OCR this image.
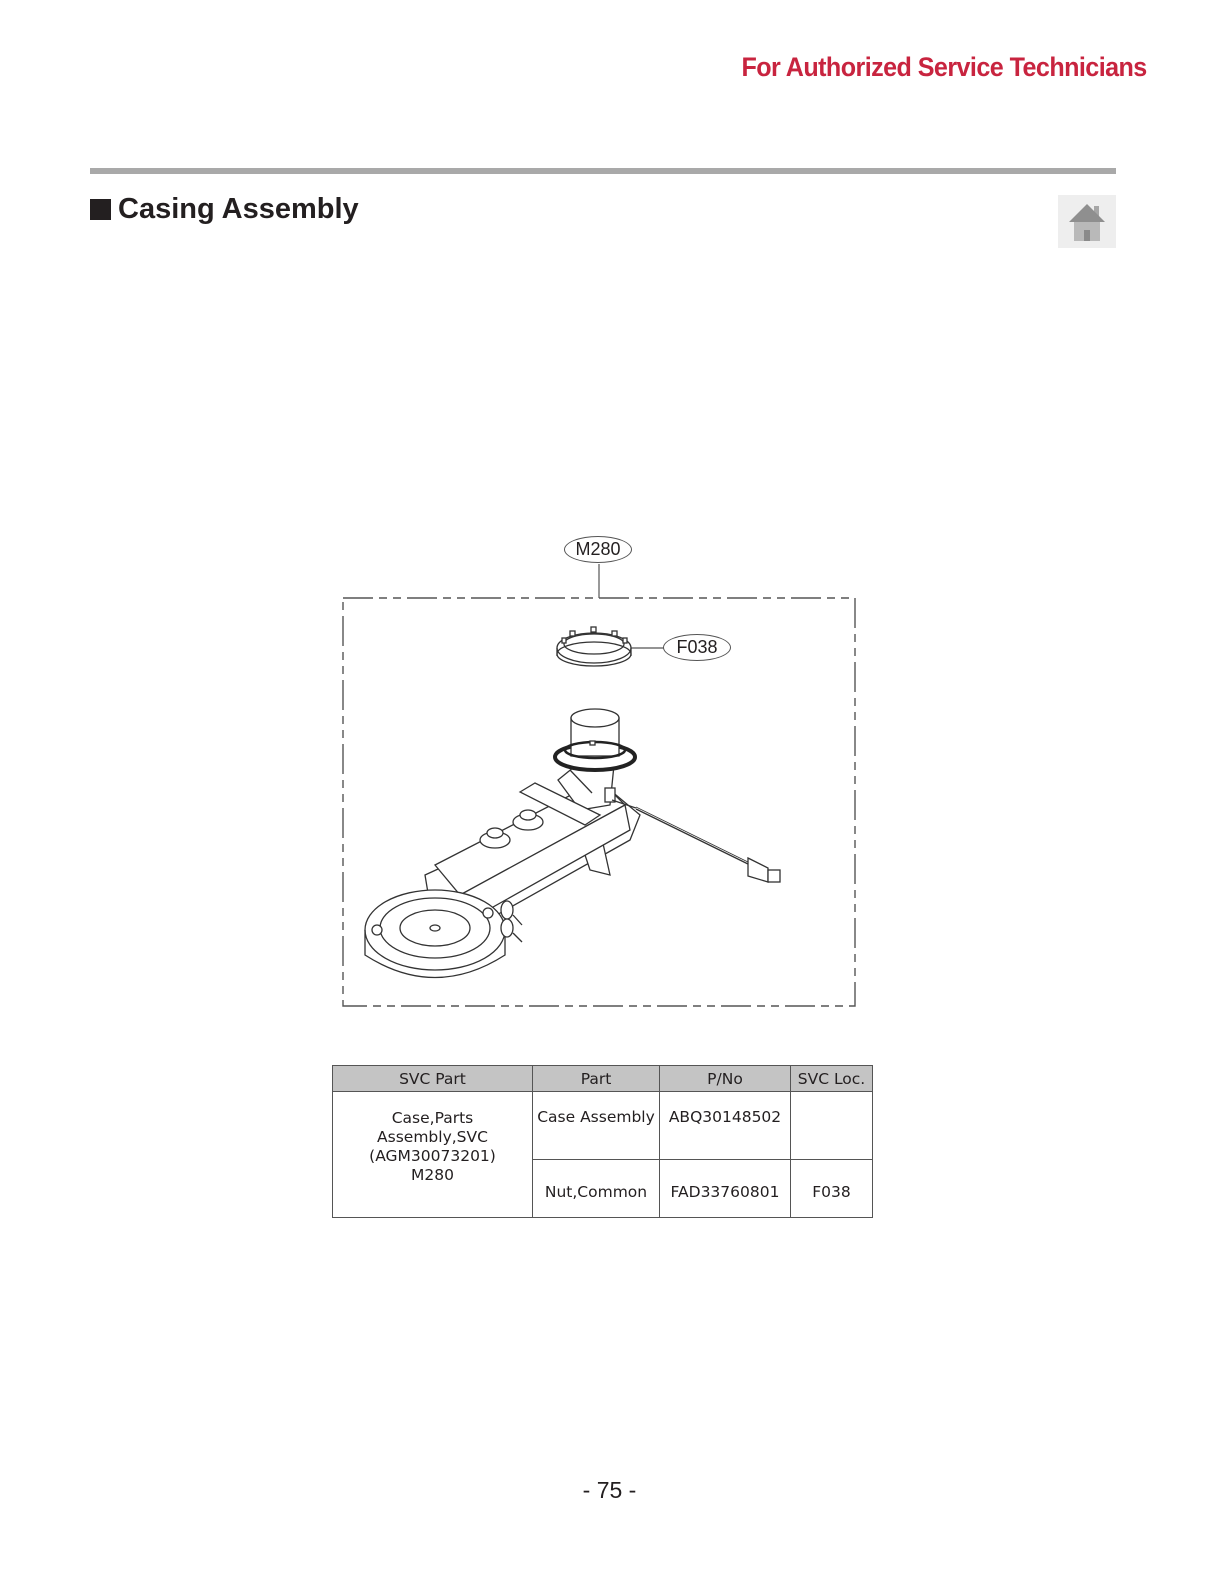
For Authorized Service Technicians
Casing Assembly
M280
F038
SVC Part	Part	P/No	SVC Loc.

Case,Parts Assembly,SVC
(AGM30073201)
M280	Case Assembly	ABQ30148502	
	Nut,Common	FAD33760801	F038
- 75 -
